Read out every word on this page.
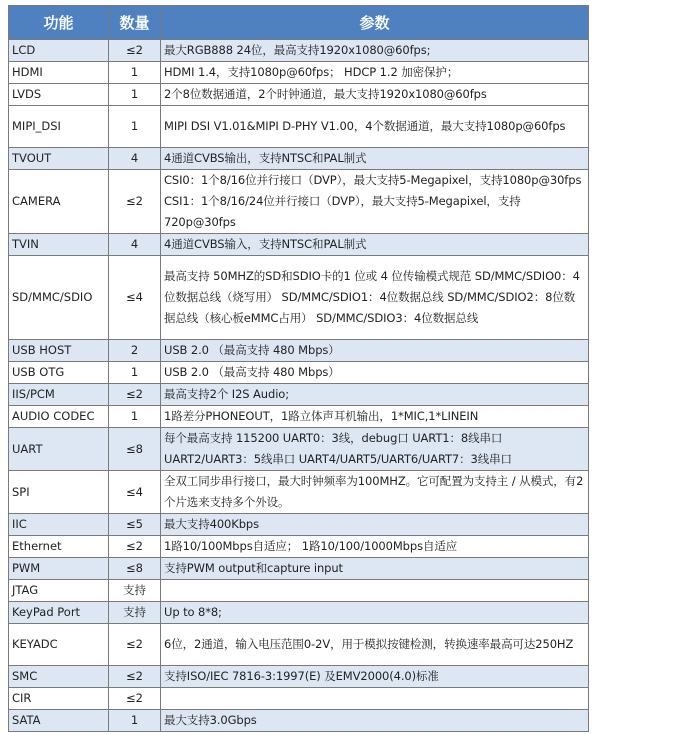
功能	数量	参数
LCD	≤2	最大RGB888 24位，最高支持1920x1080@60fps;
HDMI	1	HDMI 1.4，支持1080p@60fps； HDCP 1.2 加密保护；
LVDS	1	2个8位数据通道，2个时钟通道，最大支持1920x1080@60fps
MIPI_DSI	1	MIPI DSI V1.01&MIPI D-PHY V1.00，4个数据通道，最大支持1080p@60fps
TVOUT	4	4通道CVBS输出，支持NTSC和PAL制式
CAMERA	≤2	CSI0：1个8/16位并行接口（DVP），最大支持5-Megapixel，支持1080p@30fps CSI1：1个8/16/24位并行接口（DVP），最大支持5-Megapixel，支持720p@30fps
TVIN	4	4通道CVBS输入，支持NTSC和PAL制式
SD/MMC/SDIO	≤4	最高支持 50MHZ的SD和SDIO卡的1 位或 4 位传输模式规范 SD/MMC/SDIO0：4位数据总线（烧写用） SD/MMC/SDIO1：4位数据总线 SD/MMC/SDIO2：8位数据总线（核心板eMMC占用） SD/MMC/SDIO3：4位数据总线
USB HOST	2	USB 2.0 （最高支持 480 Mbps）
USB OTG	1	USB 2.0 （最高支持 480 Mbps）
IIS/PCM	≤2	最高支持2个 I2S Audio;
AUDIO CODEC	1	1路差分PHONEOUT，1路立体声耳机输出，1*MIC,1*LINEIN
UART	≤8	每个最高支持 115200 UART0：3线，debug口 UART1：8线串口 UART2/UART3：5线串口 UART4/UART5/UART6/UART7：3线串口
SPI	≤4	全双工同步串行接口，最大时钟频率为100MHZ。它可配置为支持主 / 从模式，有2个片选来支持多个外设。
IIC	≤5	最大支持400Kbps
Ethernet	≤2	1路10/100Mbps自适应； 1路10/100/1000Mbps自适应
PWM	≤8	支持PWM output和capture input
JTAG	支持	
KeyPad Port	支持	Up to 8*8;
KEYADC	≤2	6位，2通道，输入电压范围0-2V，用于模拟按键检测，转换速率最高可达250HZ
SMC	≤2	支持ISO/IEC 7816-3:1997(E) 及EMV2000(4.0)标准
CIR	≤2	
SATA	1	最大支持3.0Gbps
